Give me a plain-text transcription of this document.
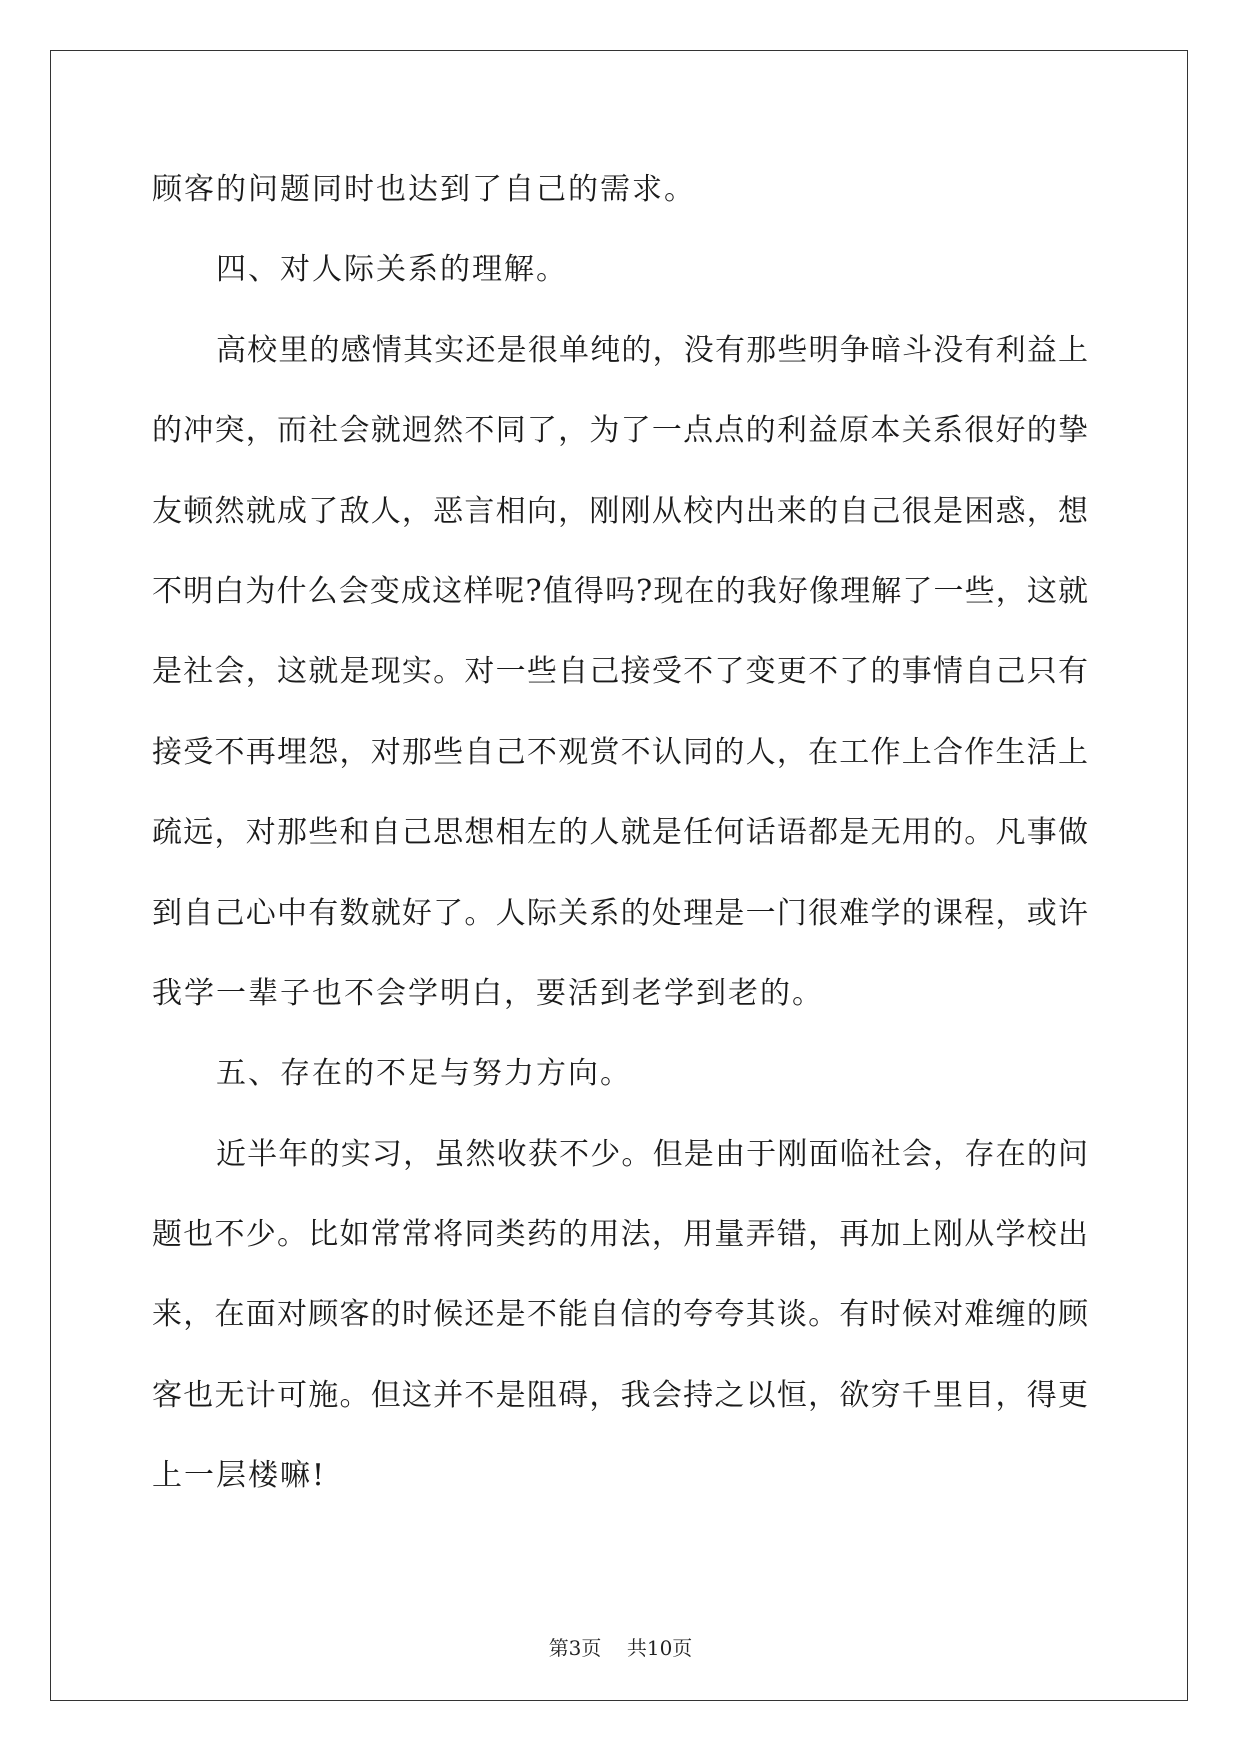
顾客的问题同时也达到了自己的需求。
四、对人际关系的理解。
高校里的感情其实还是很单纯的，没有那些明争暗斗没有利益上
的冲突，而社会就迥然不同了，为了一点点的利益原本关系很好的挚
友顿然就成了敌人，恶言相向，刚刚从校内出来的自己很是困惑，想
不明白为什么会变成这样呢?值得吗?现在的我好像理解了一些，这就
是社会，这就是现实。对一些自己接受不了变更不了的事情自己只有
接受不再埋怨，对那些自己不观赏不认同的人，在工作上合作生活上
疏远，对那些和自己思想相左的人就是任何话语都是无用的。凡事做
到自己心中有数就好了。人际关系的处理是一门很难学的课程，或许
我学一辈子也不会学明白，要活到老学到老的。
五、存在的不足与努力方向。
近半年的实习，虽然收获不少。但是由于刚面临社会，存在的问
题也不少。比如常常将同类药的用法，用量弄错，再加上刚从学校出
来，在面对顾客的时候还是不能自信的夸夸其谈。有时候对难缠的顾
客也无计可施。但这并不是阻碍，我会持之以恒，欲穷千里目，得更
上一层楼嘛!
第3页 共10页
